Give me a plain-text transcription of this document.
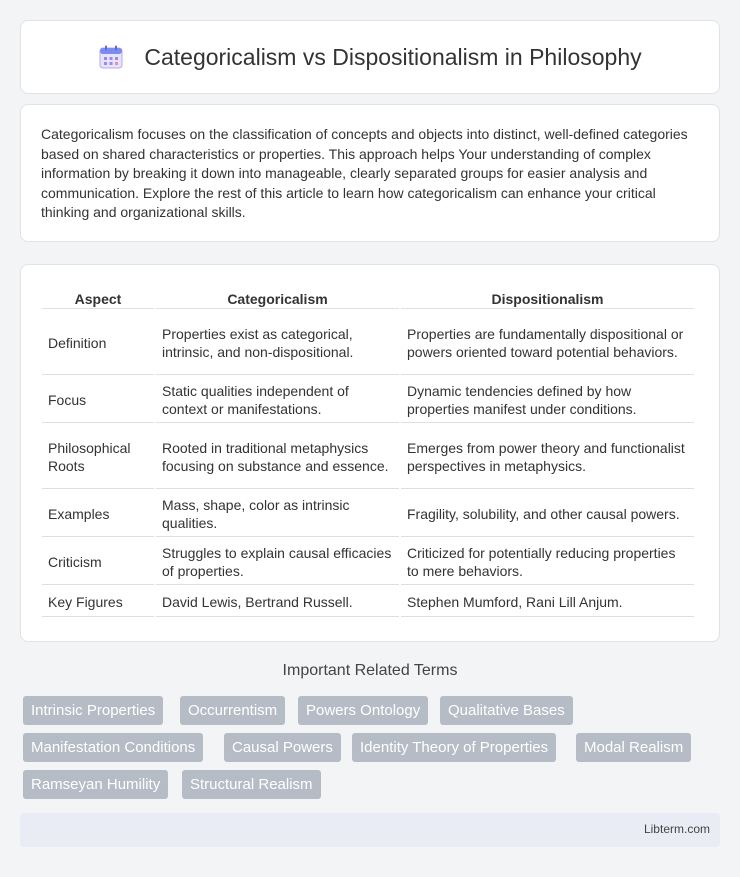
Categoricalism vs Dispositionalism in Philosophy

Categoricalism focuses on the classification of concepts and objects into distinct, well-defined categories based on shared characteristics or properties. This approach helps Your understanding of complex information by breaking it down into manageable, clearly separated groups for easier analysis and communication. Explore the rest of this article to learn how categoricalism can enhance your critical thinking and organizational skills.

Aspect	Categoricalism	Dispositionalism
Definition	Properties exist as categorical, intrinsic, and non-dispositional.	Properties are fundamentally dispositional or powers oriented toward potential behaviors.
Focus	Static qualities independent of context or manifestations.	Dynamic tendencies defined by how properties manifest under conditions.
Philosophical Roots	Rooted in traditional metaphysics focusing on substance and essence.	Emerges from power theory and functionalist perspectives in metaphysics.
Examples	Mass, shape, color as intrinsic qualities.	Fragility, solubility, and other causal powers.
Criticism	Struggles to explain causal efficacies of properties.	Criticized for potentially reducing properties to mere behaviors.
Key Figures	David Lewis, Bertrand Russell.	Stephen Mumford, Rani Lill Anjum.
Important Related Terms
Intrinsic Properties	Occurrentism	Powers Ontology	Qualitative Bases
Manifestation Conditions	Causal Powers	Identity Theory of Properties	Modal Realism
Ramseyan Humility	Structural Realism
Libterm.com
